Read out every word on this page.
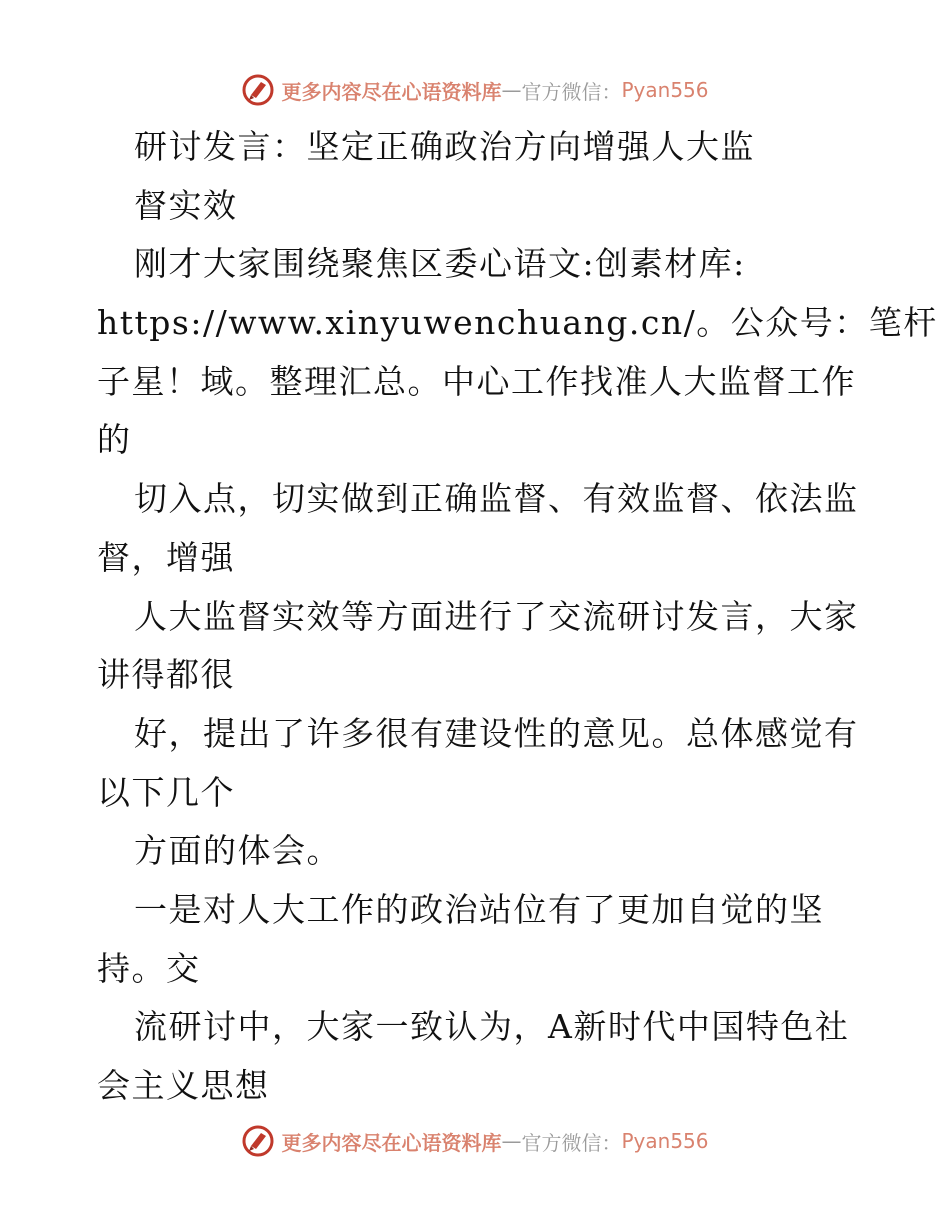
更多内容尽在心语资料库 — 官方微信： Pyan556
研讨发言：坚定正确政治方向增强人大监
督实效
刚才大家围绕聚焦区委心语文:创素材库:
https://www.xinyuwenchuang.cn/。公众号：笔杆
子星！域。整理汇总。中心工作找准人大监督工作
的
切入点，切实做到正确监督、有效监督、依法监
督，增强
人大监督实效等方面进行了交流研讨发言，大家
讲得都很
好，提出了许多很有建设性的意见。总体感觉有
以下几个
方面的体会。
一是对人大工作的政治站位有了更加自觉的坚
持。交
流研讨中，大家一致认为，A新时代中国特色社
会主义思想
更多内容尽在心语资料库 — 官方微信： Pyan556
